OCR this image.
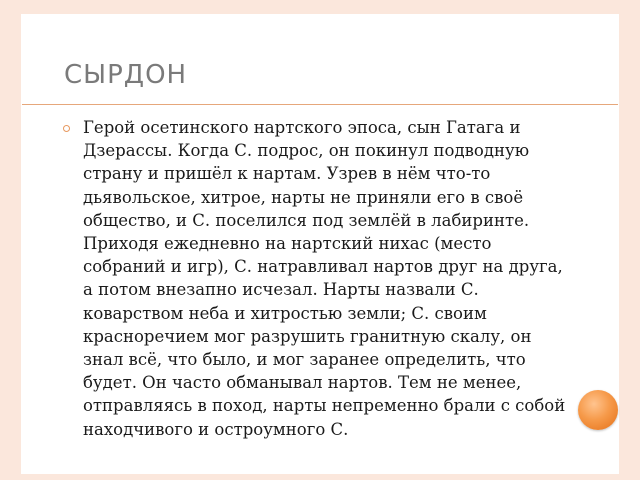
СЫРДОН
Герой осетинского нартского эпоса, сын Гатага и Дзерассы. Когда С. подрос, он покинул подводную страну и пришёл к нартам. Узрев в нём что-то дьявольское, хитрое, нарты не приняли его в своё общество, и С. поселился под землёй в лабиринте. Приходя ежедневно на нартский нихас (место собраний и игр), С. натравливал нартов друг на друга, а потом внезапно исчезал. Нарты назвали С. коварством неба и хитростью земли; С. своим красноречием мог разрушить гранитную скалу, он знал всё, что было, и мог заранее определить, что будет. Он часто обманывал нартов. Тем не менее, отправляясь в поход, нарты непременно брали с собой находчивого и остроумного С.
